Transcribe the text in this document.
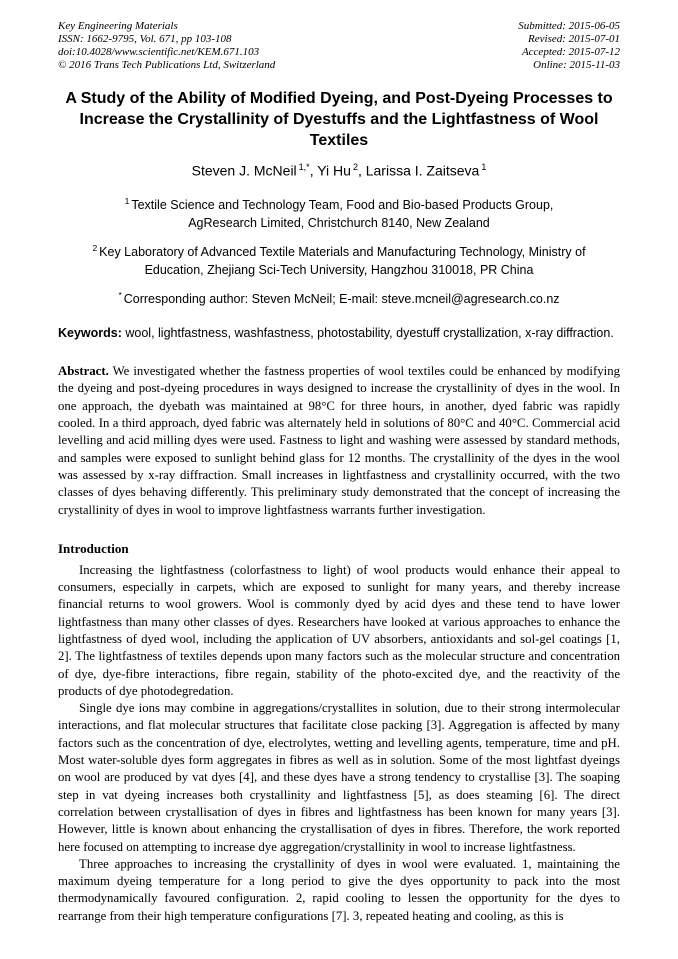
Key Engineering Materials
ISSN: 1662-9795, Vol. 671, pp 103-108
doi:10.4028/www.scientific.net/KEM.671.103
© 2016 Trans Tech Publications Ltd, Switzerland
Submitted: 2015-06-05
Revised: 2015-07-01
Accepted: 2015-07-12
Online: 2015-11-03
A Study of the Ability of Modified Dyeing, and Post-Dyeing Processes to Increase the Crystallinity of Dyestuffs and the Lightfastness of Wool Textiles
Steven J. McNeil $^{1,*}$, Yi Hu $^2$, Larissa I. Zaitseva $^1$
$^1$ Textile Science and Technology Team, Food and Bio-based Products Group, AgResearch Limited, Christchurch 8140, New Zealand
$^2$ Key Laboratory of Advanced Textile Materials and Manufacturing Technology, Ministry of Education, Zhejiang Sci-Tech University, Hangzhou 310018, PR China
* Corresponding author: Steven McNeil; E-mail: steve.mcneil@agresearch.co.nz

Keywords: wool, lightfastness, washfastness, photostability, dyestuff crystallization, x-ray diffraction.

Abstract. We investigated whether the fastness properties of wool textiles could be enhanced by modifying the dyeing and post-dyeing procedures in ways designed to increase the crystallinity of dyes in the wool. In one approach, the dyebath was maintained at 98°C for three hours, in another, dyed fabric was rapidly cooled. In a third approach, dyed fabric was alternately held in solutions of 80°C and 40°C. Commercial acid levelling and acid milling dyes were used. Fastness to light and washing were assessed by standard methods, and samples were exposed to sunlight behind glass for 12 months. The crystallinity of the dyes in the wool was assessed by x-ray diffraction. Small increases in lightfastness and crystallinity occurred, with the two classes of dyes behaving differently. This preliminary study demonstrated that the concept of increasing the crystallinity of dyes in wool to improve lightfastness warrants further investigation.

Introduction

Increasing the lightfastness (colorfastness to light) of wool products would enhance their appeal to consumers, especially in carpets, which are exposed to sunlight for many years, and thereby increase financial returns to wool growers. Wool is commonly dyed by acid dyes and these tend to have lower lightfastness than many other classes of dyes. Researchers have looked at various approaches to enhance the lightfastness of dyed wool, including the application of UV absorbers, antioxidants and sol-gel coatings [1, 2]. The lightfastness of textiles depends upon many factors such as the molecular structure and concentration of dye, dye-fibre interactions, fibre regain, stability of the photo-excited dye, and the reactivity of the products of dye photodegredation.

Single dye ions may combine in aggregations/crystallites in solution, due to their strong intermolecular interactions, and flat molecular structures that facilitate close packing [3]. Aggregation is affected by many factors such as the concentration of dye, electrolytes, wetting and levelling agents, temperature, time and pH. Most water-soluble dyes form aggregates in fibres as well as in solution. Some of the most lightfast dyeings on wool are produced by vat dyes [4], and these dyes have a strong tendency to crystallise [3]. The soaping step in vat dyeing increases both crystallinity and lightfastness [5], as does steaming [6]. The direct correlation between crystallisation of dyes in fibres and lightfastness has been known for many years [3]. However, little is known about enhancing the crystallisation of dyes in fibres. Therefore, the work reported here focused on attempting to increase dye aggregation/crystallinity in wool to increase lightfastness.

Three approaches to increasing the crystallinity of dyes in wool were evaluated. 1, maintaining the maximum dyeing temperature for a long period to give the dyes opportunity to pack into the most thermodynamically favoured configuration. 2, rapid cooling to lessen the opportunity for the dyes to rearrange from their high temperature configurations [7]. 3, repeated heating and cooling, as this is
